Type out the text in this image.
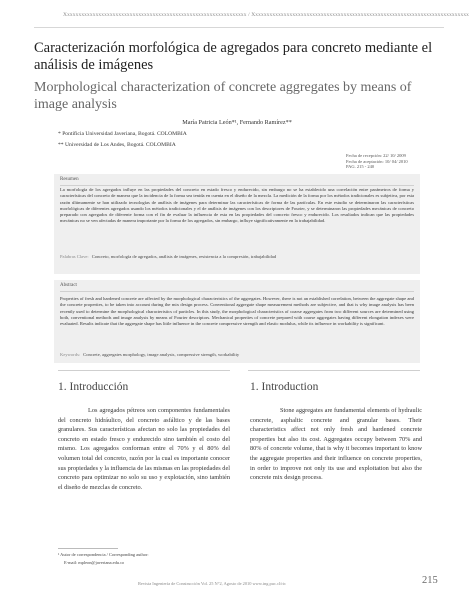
Xxxxxxxxxxxxxxxxxxxxxxxxxxxxxxxxxxxxxxxxxxxxxxxxxxxxxxxxxxxxxxxx / Xxxxxxxxxxxxxxxxxxxxxxxxxxxxxxxxxxxxxxxxxxxxxxxxxxxxxxxxxxxxxxxxxxxxxxxxxxxx
Caracterización morfológica de agregados para concreto mediante el análisis de imágenes
Morphological characterization of concrete aggregates by means of image analysis
María Patricia León*¹, Fernando Ramírez**
* Pontificia Universidad Javeriana, Bogotá. COLOMBIA
** Universidad de Los Andes, Bogotá. COLOMBIA
Fecha de recepción: 22/ 10/ 2009
Fecha de aceptación: 10/ 04/ 2010
PAG. 215 - 240
Resumen
La morfología de los agregados influye en las propiedades del concreto en estado fresco y endurecido, sin embargo no se ha establecido una correlación entre parámetros de forma y características del concreto de manera que la incidencia de la forma sea tenida en cuenta en el diseño de la mezcla. La medición de la forma por los métodos tradicionales es subjetiva, por esta razón últimamente se han utilizado tecnologías de análisis de imágenes para determinar las características de forma de las partículas. En este estudio se determinaron las características morfológicas de diferentes agregados usando los métodos tradicionales y el de análisis de imágenes con los descriptores de Fourier, y se determinaron las propiedades mecánicas de concreto preparado con agregados de diferente forma con el fin de evaluar la influencia de esta en las propiedades del concreto fresco y endurecido. Los resultados indican que las propiedades mecánicas no se ven afectadas de manera importante por la forma de los agregados, sin embargo, influye significativamente en la trabajabilidad.
Palabras Clave: Concreto, morfología de agregados, análisis de imágenes, resistencia a la compresión, trabajabilidad
Abstract
Properties of fresh and hardened concrete are affected by the morphological characteristics of the aggregates. However, there is not an established correlation, between the aggregate shape and the concrete properties, to be taken into account during the mix design process. Conventional aggregate shape measurement methods are subjective, and that is why image analysis has been recently used to determine the morphological characteristics of particles. In this study, the morphological characteristics of coarse aggregates from two different sources are determined using both, conventional methods and image analysis by means of Fourier descriptors. Mechanical properties of concrete prepared with coarse aggregates having different elongation indexes were evaluated. Results indicate that the aggregate shape has little influence in the concrete compressive strength and elastic modulus, while its influence in workability is significant.
Keywords: Concrete, aggregates morphology, image analysis, compressive strength, workability
1. Introducción	1. Introduction

Los agregados pétreos son componentes fundamentales del concreto hidráulico, del concreto asfáltico y de las bases granulares. Sus características afectan no solo las propiedades del concreto en estado fresco y endurecido sino también el costo del mismo. Los agregados conforman entre el 70% y el 80% del volumen total del concreto, razón por la cual es importante conocer sus propiedades y la influencia de las mismas en las propiedades del concreto para optimizar no solo su uso y explotación, sino también el diseño de mezclas de concreto.

Stone aggregates are fundamental elements of hydraulic concrete, asphaltic concrete and granular bases. Their characteristics affect not only fresh and hardened concrete properties but also its cost. Aggregates occupy between 70% and 80% of concrete volume, that is why it becomes important to know the aggregate properties and their influence on concrete properties, in order to improve not only its use and exploitation but also the concrete mix design process.

¹ Autor de correspondencia / Corresponding author:
E-mail: mpleon@javeriana.edu.co
Revista Ingeniería de Construcción Vol. 25 N°2, Agosto de 2010 www.ing.puc.cl/ric	215
